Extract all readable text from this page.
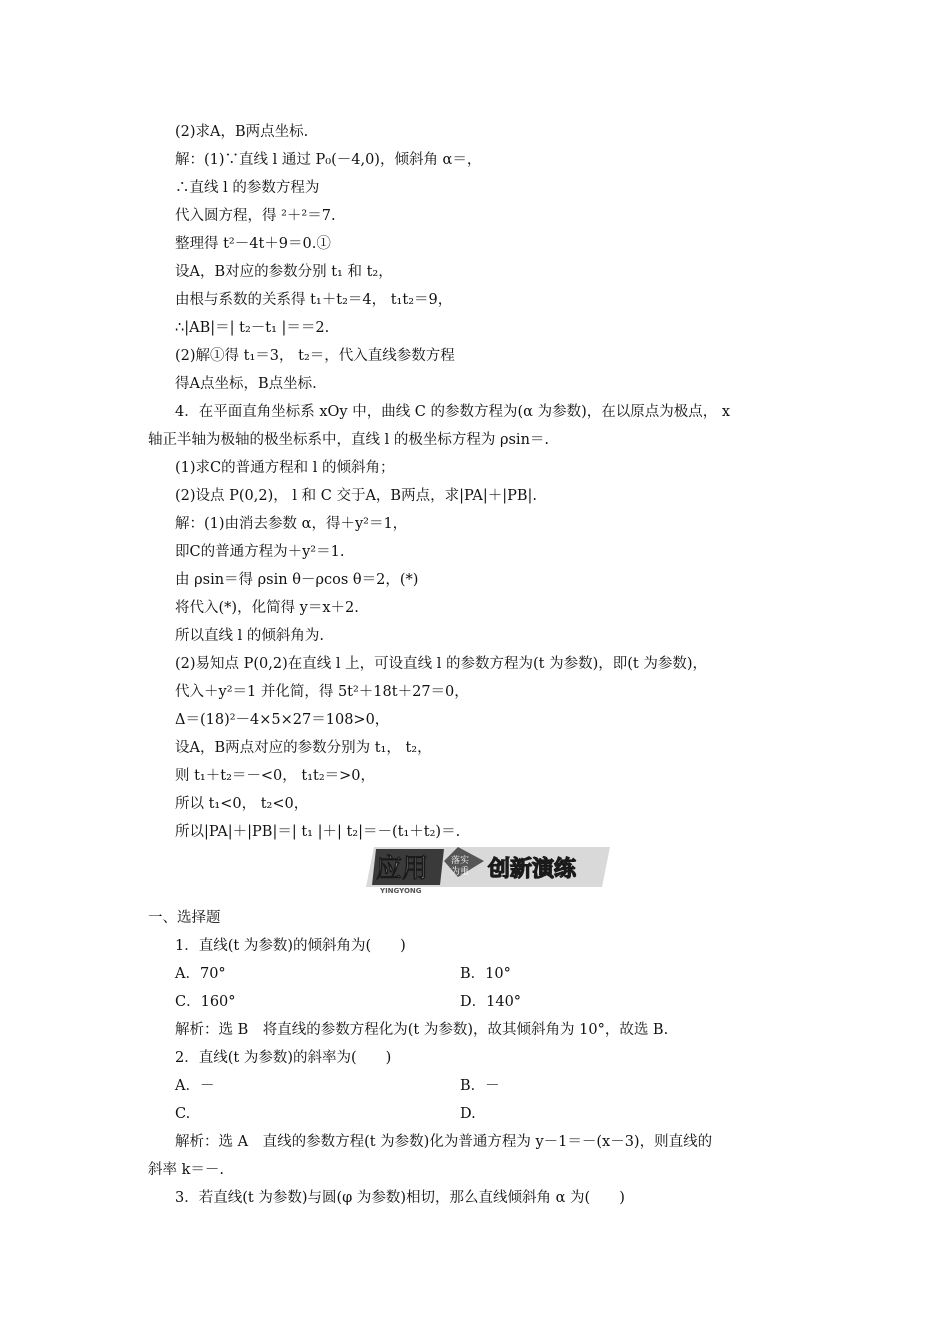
(2)求A，B两点坐标.
解：(1)∵直线 l 通过 P₀(－4,0)，倾斜角 α＝，
∴直线 l 的参数方程为
代入圆方程，得 ²＋²＝7.
整理得 t²－4t＋9＝0.①
设A，B对应的参数分别 t₁ 和 t₂，
由根与系数的关系得 t₁＋t₂＝4， t₁t₂＝9，
∴|AB|＝| t₂－t₁ |＝＝2.
(2)解①得 t₁＝3， t₂＝，代入直线参数方程
得A点坐标，B点坐标.
4．在平面直角坐标系 xOy 中，曲线 C 的参数方程为(α 为参数)，在以原点为极点， x
轴正半轴为极轴的极坐标系中，直线 l 的极坐标方程为 ρsin＝.
(1)求C的普通方程和 l 的倾斜角；
(2)设点 P(0,2)， l 和 C 交于A，B两点，求|PA|＋|PB|.
解：(1)由消去参数 α，得＋y²＝1，
即C的普通方程为＋y²＝1.
由 ρsin＝得 ρsin θ－ρcos θ＝2，(*)
将代入(*)，化简得 y＝x＋2.
所以直线 l 的倾斜角为.
(2)易知点 P(0,2)在直线 l 上，可设直线 l 的参数方程为(t 为参数)，即(t 为参数)，
代入＋y²＝1 并化简，得 5t²＋18t＋27＝0，
Δ＝(18)²－4×5×27＝108>0，
设A，B两点对应的参数分别为 t₁， t₂，
则 t₁＋t₂＝－<0， t₁t₂＝>0，
所以 t₁<0， t₂<0，
所以|PA|＋|PB|＝| t₁ |＋| t₂|＝－(t₁＋t₂)＝.
应用
YINGYONG
落实
为重 创新演练
一、选择题
1．直线(t 为参数)的倾斜角为(　　)
A．70°	B．10°
C．160°	D．140°
解析：选 B　将直线的参数方程化为(t 为参数)，故其倾斜角为 10°，故选 B.
2．直线(t 为参数)的斜率为(　　)
A．－	B．－
C.	D.
解析：选 A　直线的参数方程(t 为参数)化为普通方程为 y－1＝－(x－3)，则直线的
斜率 k＝－.
3．若直线(t 为参数)与圆(φ 为参数)相切，那么直线倾斜角 α 为(　　)
